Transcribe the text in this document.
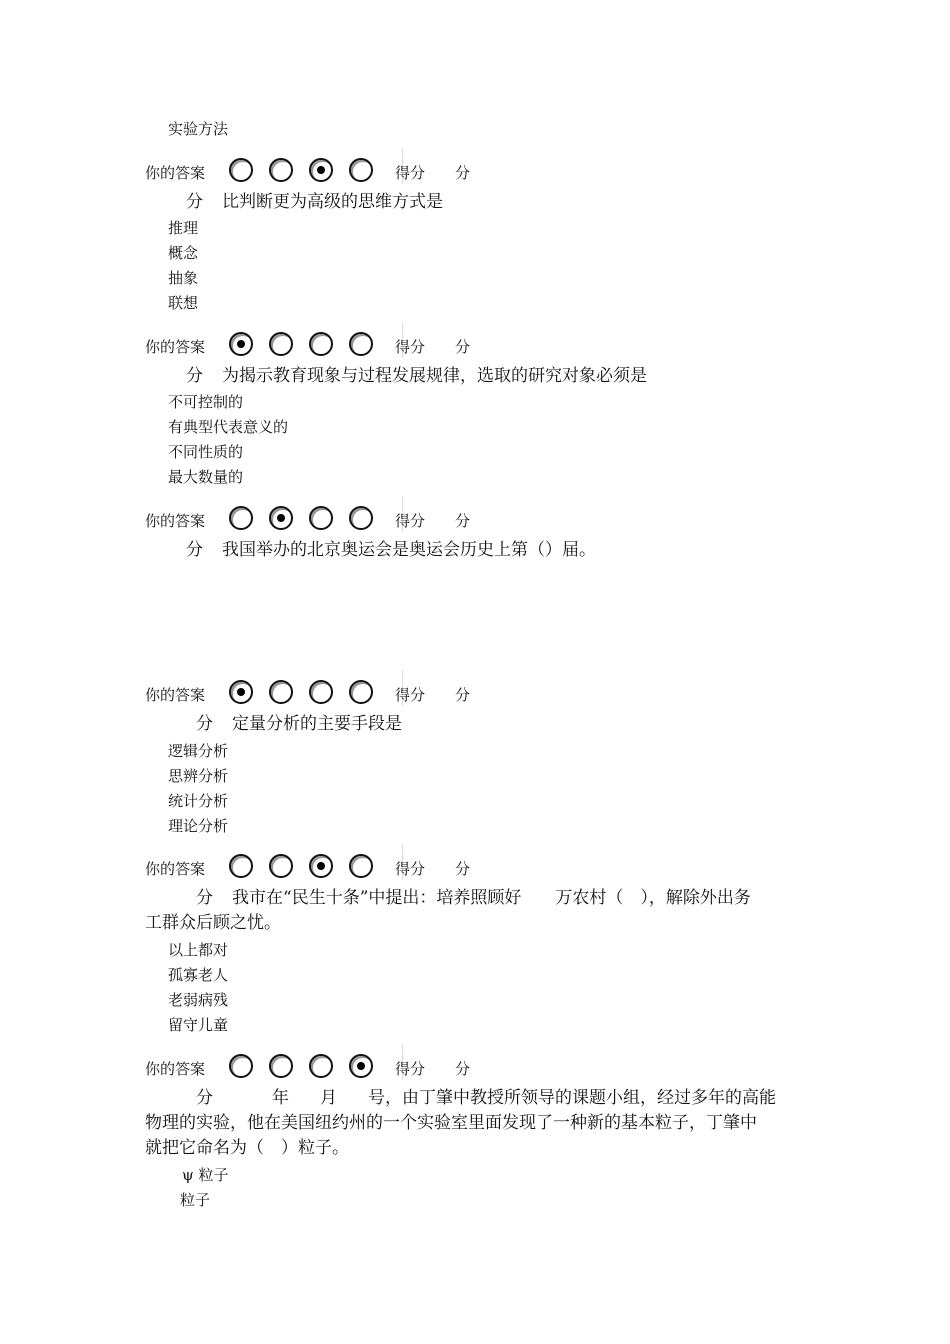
实验方法
你的答案	得分 分
分 比判断更为高级的思维方式是
推理
概念
抽象
联想
你的答案	得分 分
分 为揭示教育现象与过程发展规律，选取的研究对象必须是
不可控制的
有典型代表意义的
不同性质的
最大数量的
你的答案	得分 分
分 我国举办的北京奥运会是奥运会历史上第（）届。
你的答案	得分 分
分 定量分析的主要手段是
逻辑分析
思辨分析
统计分析
理论分析
你的答案	得分 分
分 我市在“民生十条”中提出：培养照顾好　　万农村（　），解除外出务
工群众后顾之忧。
以上都对
孤寡老人
老弱病残
留守儿童
你的答案	得分 分
分	年 月 号，由丁肇中教授所领导的课题小组，经过多年的高能
物理的实验，他在美国纽约州的一个实验室里面发现了一种新的基本粒子，丁肇中
就把它命名为（　）粒子。
ψ 粒子
粒子
